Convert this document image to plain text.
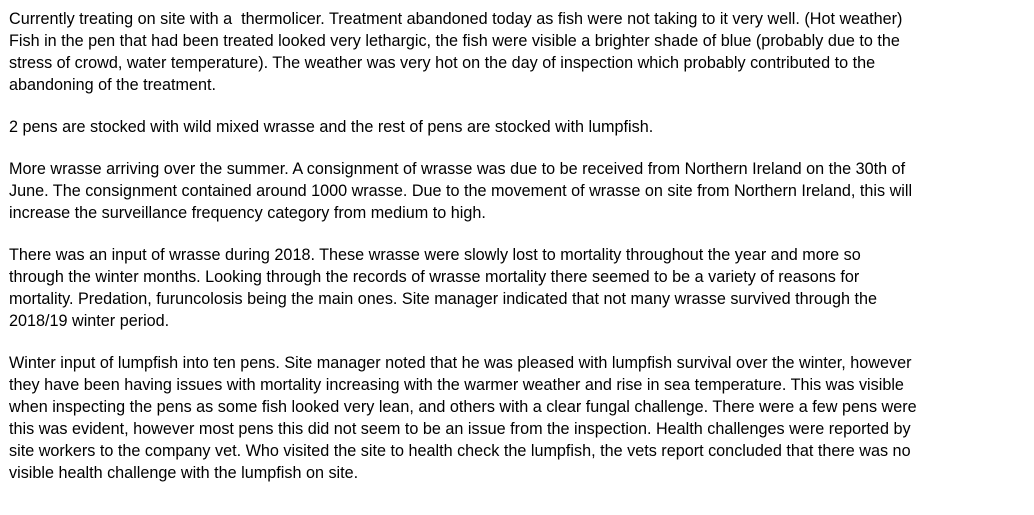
Currently treating on site with a  thermolicer. Treatment abandoned today as fish were not taking to it very well. (Hot weather)
Fish in the pen that had been treated looked very lethargic, the fish were visible a brighter shade of blue (probably due to the
stress of crowd, water temperature). The weather was very hot on the day of inspection which probably contributed to the
abandoning of the treatment.

2 pens are stocked with wild mixed wrasse and the rest of pens are stocked with lumpfish.

More wrasse arriving over the summer. A consignment of wrasse was due to be received from Northern Ireland on the 30th of
June. The consignment contained around 1000 wrasse. Due to the movement of wrasse on site from Northern Ireland, this will
increase the surveillance frequency category from medium to high.

There was an input of wrasse during 2018. These wrasse were slowly lost to mortality throughout the year and more so
through the winter months. Looking through the records of wrasse mortality there seemed to be a variety of reasons for
mortality. Predation, furuncolosis being the main ones. Site manager indicated that not many wrasse survived through the
2018/19 winter period.

Winter input of lumpfish into ten pens. Site manager noted that he was pleased with lumpfish survival over the winter, however
they have been having issues with mortality increasing with the warmer weather and rise in sea temperature. This was visible
when inspecting the pens as some fish looked very lean, and others with a clear fungal challenge. There were a few pens were
this was evident, however most pens this did not seem to be an issue from the inspection. Health challenges were reported by
site workers to the company vet. Who visited the site to health check the lumpfish, the vets report concluded that there was no
visible health challenge with the lumpfish on site.
